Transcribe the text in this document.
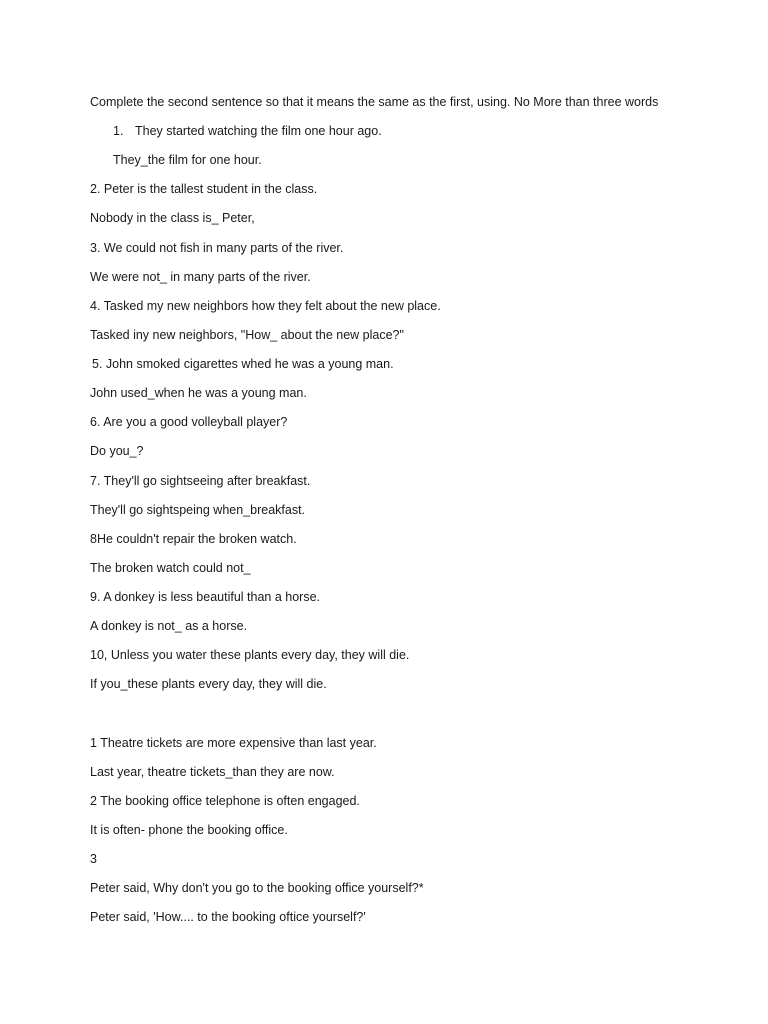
Complete the second sentence so that it means the same as the first, using. No More than three words
1. They started watching the film one hour ago.
They_the film for one hour.
2. Peter is the tallest student in the class.
Nobody in the class is_ Peter,
3. We could not fish in many parts of the river.
We were not_ in many parts of the river.
4. Tasked my new neighbors how they felt about the new place.
Tasked iny new neighbors, "How_ about the new place?"
5. John smoked cigarettes whed he was a young man.
John used_when he was a young man.
6. Are you a good volleyball player?
Do you_?
7. They'll go sightseeing after breakfast.
They'll go sightspeing when_breakfast.
8He couldn't repair the broken watch.
The broken watch could not_
9. A donkey is less beautiful than a horse.
A donkey is not_ as a horse.
10, Unless you water these plants every day, they will die.
If you_these plants every day, they will die.
1 Theatre tickets are more expensive than last year.
Last year, theatre tickets_than they are now.
2 The booking office telephone is often engaged.
It is often- phone the booking office.
3
Peter said, Why don't you go to the booking office yourself?*
Peter said, 'How.... to the booking oftice yourself?'
